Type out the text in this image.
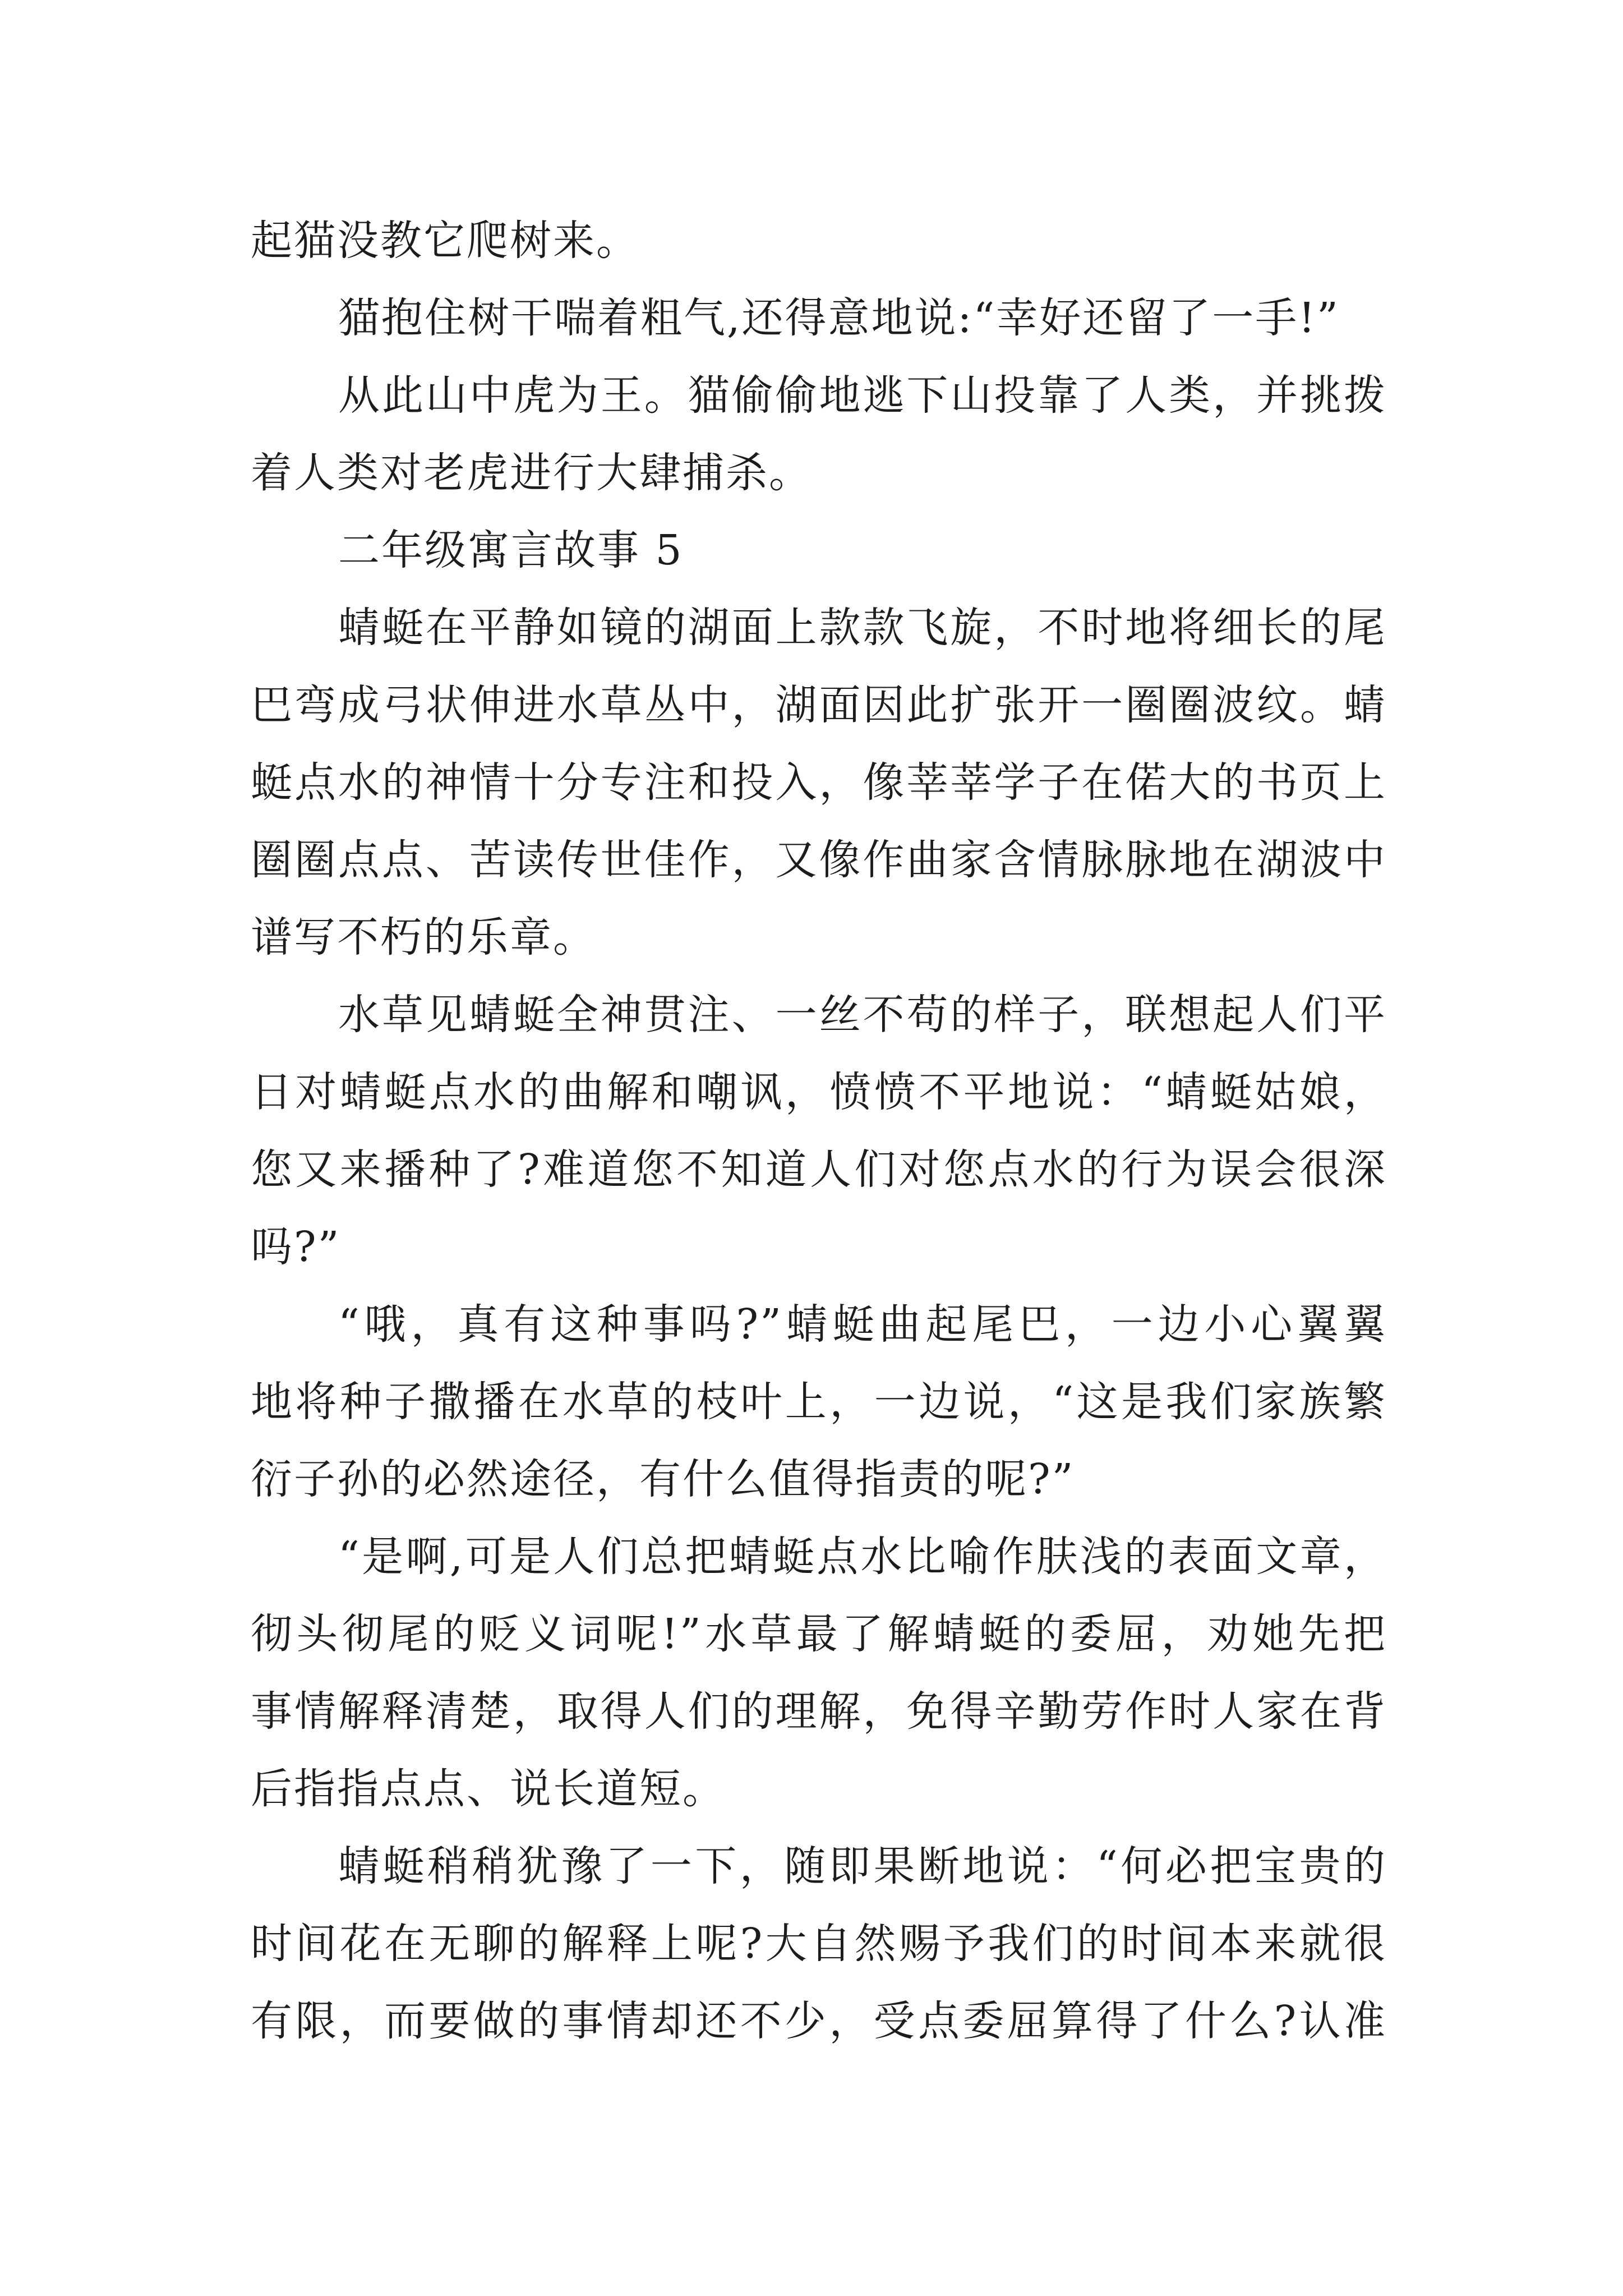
起猫没教它爬树来。
猫抱住树干喘着粗气,还得意地说:“幸好还留了一手!”
从此山中虎为王。猫偷偷地逃下山投靠了人类，并挑拨
着人类对老虎进行大肆捕杀。
二年级寓言故事 5
蜻蜓在平静如镜的湖面上款款飞旋，不时地将细长的尾
巴弯成弓状伸进水草丛中，湖面因此扩张开一圈圈波纹。蜻
蜓点水的神情十分专注和投入，像莘莘学子在偌大的书页上
圈圈点点、苦读传世佳作，又像作曲家含情脉脉地在湖波中
谱写不朽的乐章。
水草见蜻蜓全神贯注、一丝不苟的样子，联想起人们平
日对蜻蜓点水的曲解和嘲讽，愤愤不平地说：“蜻蜓姑娘，
您又来播种了?难道您不知道人们对您点水的行为误会很深
吗?”
“哦，真有这种事吗?”蜻蜓曲起尾巴，一边小心翼翼
地将种子撒播在水草的枝叶上，一边说，“这是我们家族繁
衍子孙的必然途径，有什么值得指责的呢?”
“是啊,可是人们总把蜻蜓点水比喻作肤浅的表面文章，
彻头彻尾的贬义词呢!”水草最了解蜻蜓的委屈，劝她先把
事情解释清楚，取得人们的理解，免得辛勤劳作时人家在背
后指指点点、说长道短。
蜻蜓稍稍犹豫了一下，随即果断地说：“何必把宝贵的
时间花在无聊的解释上呢?大自然赐予我们的时间本来就很
有限，而要做的事情却还不少，受点委屈算得了什么?认准
